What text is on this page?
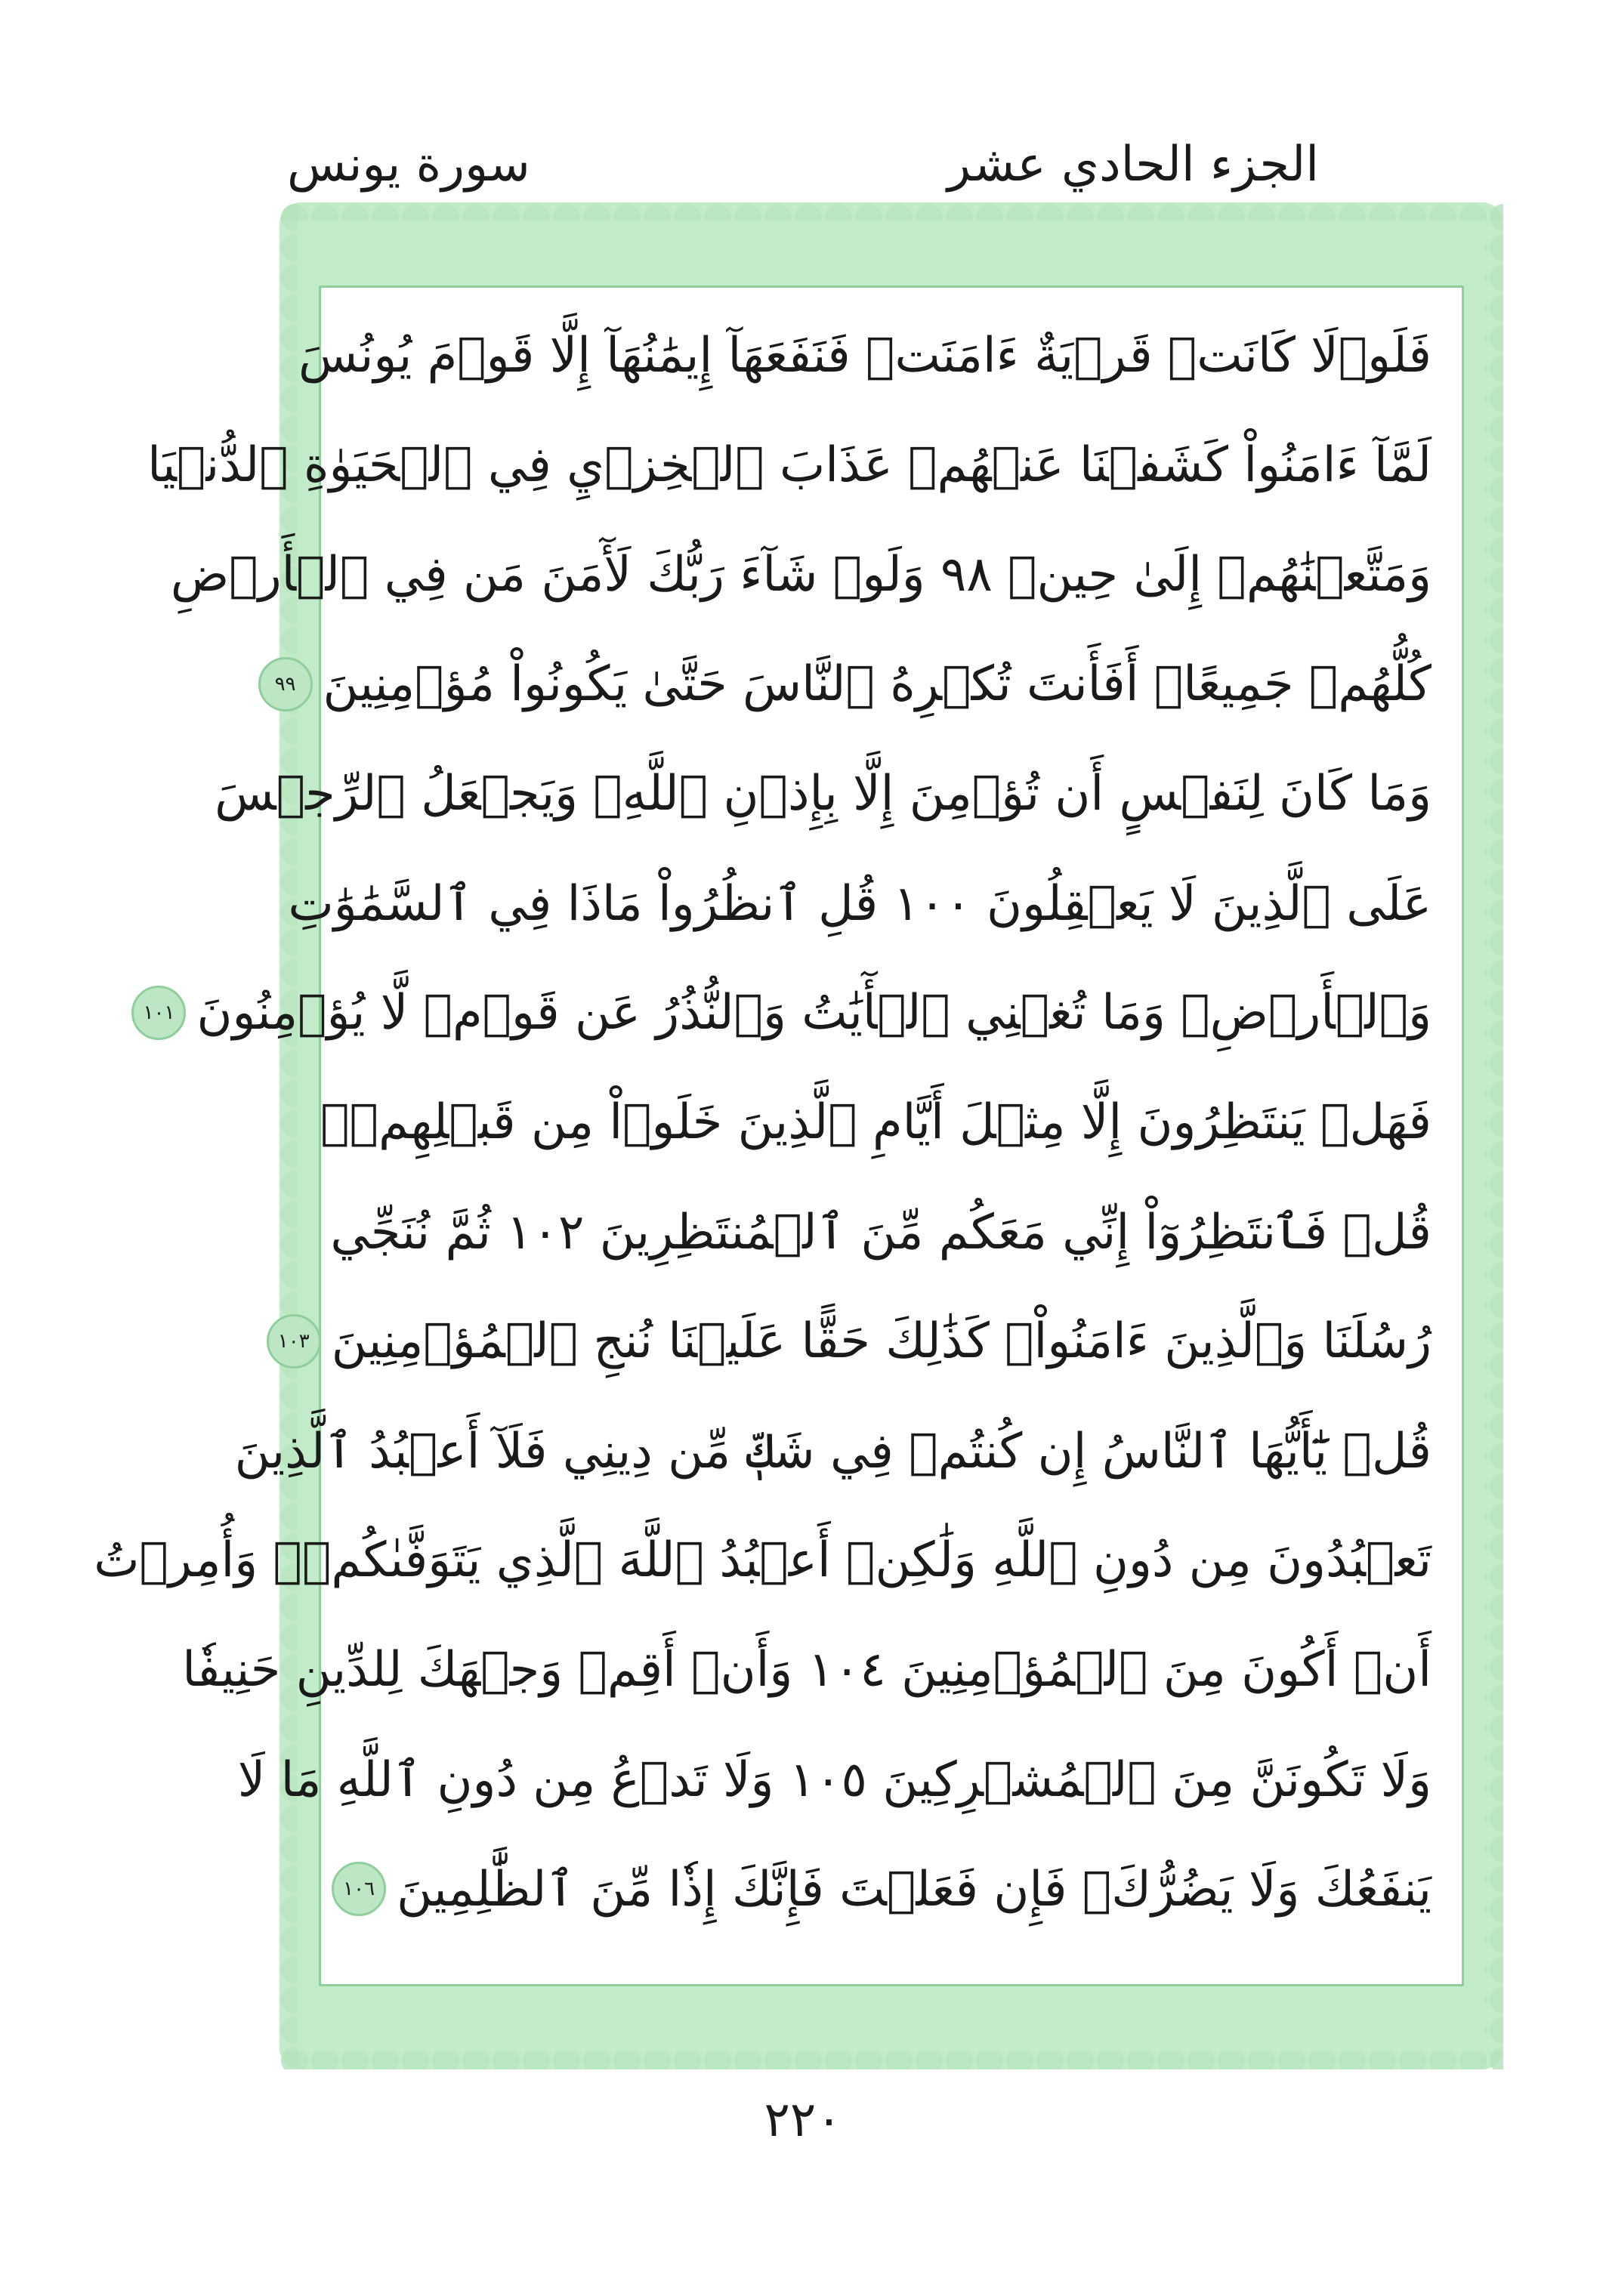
سورة يونس	الجزء الحادي عشر
فَلَوۡلَا كَانَتۡ قَرۡيَةٌ ءَامَنَتۡ فَنَفَعَهَآ إِيمَٰنُهَآ إِلَّا قَوۡمَ يُونُسَ
لَمَّآ ءَامَنُواْ كَشَفۡنَا عَنۡهُمۡ عَذَابَ ٱلۡخِزۡيِ فِي ٱلۡحَيَوٰةِ ٱلدُّنۡيَا
وَمَتَّعۡنَٰهُمۡ إِلَىٰ حِينٖ ٩٨ وَلَوۡ شَآءَ رَبُّكَ لَأٓمَنَ مَن فِي ٱلۡأَرۡضِ
كُلُّهُمۡ جَمِيعًاۚ أَفَأَنتَ تُكۡرِهُ ٱلنَّاسَ حَتَّىٰ يَكُونُواْ مُؤۡمِنِينَ
٩٩
وَمَا كَانَ لِنَفۡسٍ أَن تُؤۡمِنَ إِلَّا بِإِذۡنِ ٱللَّهِۚ وَيَجۡعَلُ ٱلرِّجۡسَ
عَلَى ٱلَّذِينَ لَا يَعۡقِلُونَ ١٠٠ قُلِ ٱنظُرُواْ مَاذَا فِي ٱلسَّمَٰوَٰتِ
وَٱلۡأَرۡضِۚ وَمَا تُغۡنِي ٱلۡأٓيَٰتُ وَٱلنُّذُرُ عَن قَوۡمٖ لَّا يُؤۡمِنُونَ
١٠١
فَهَلۡ يَنتَظِرُونَ إِلَّا مِثۡلَ أَيَّامِ ٱلَّذِينَ خَلَوۡاْ مِن قَبۡلِهِمۡۚ
قُلۡ فَٱنتَظِرُوٓاْ إِنِّي مَعَكُم مِّنَ ٱلۡمُنتَظِرِينَ ١٠٢ ثُمَّ نُنَجِّي
رُسُلَنَا وَٱلَّذِينَ ءَامَنُواْۚ كَذَٰلِكَ حَقًّا عَلَيۡنَا نُنجِ ٱلۡمُؤۡمِنِينَ
١٠٣
قُلۡ يَٰٓأَيُّهَا ٱلنَّاسُ إِن كُنتُمۡ فِي شَكّٖ مِّن دِينِي فَلَآ أَعۡبُدُ ٱلَّذِينَ
تَعۡبُدُونَ مِن دُونِ ٱللَّهِ وَلَٰكِنۡ أَعۡبُدُ ٱللَّهَ ٱلَّذِي يَتَوَفَّىٰكُمۡۖ وَأُمِرۡتُ
أَنۡ أَكُونَ مِنَ ٱلۡمُؤۡمِنِينَ ١٠٤ وَأَنۡ أَقِمۡ وَجۡهَكَ لِلدِّينِ حَنِيفٗا
وَلَا تَكُونَنَّ مِنَ ٱلۡمُشۡرِكِينَ ١٠٥ وَلَا تَدۡعُ مِن دُونِ ٱللَّهِ مَا لَا
يَنفَعُكَ وَلَا يَضُرُّكَۖ فَإِن فَعَلۡتَ فَإِنَّكَ إِذٗا مِّنَ ٱلظَّٰلِمِينَ
١٠٦
٢٢٠
